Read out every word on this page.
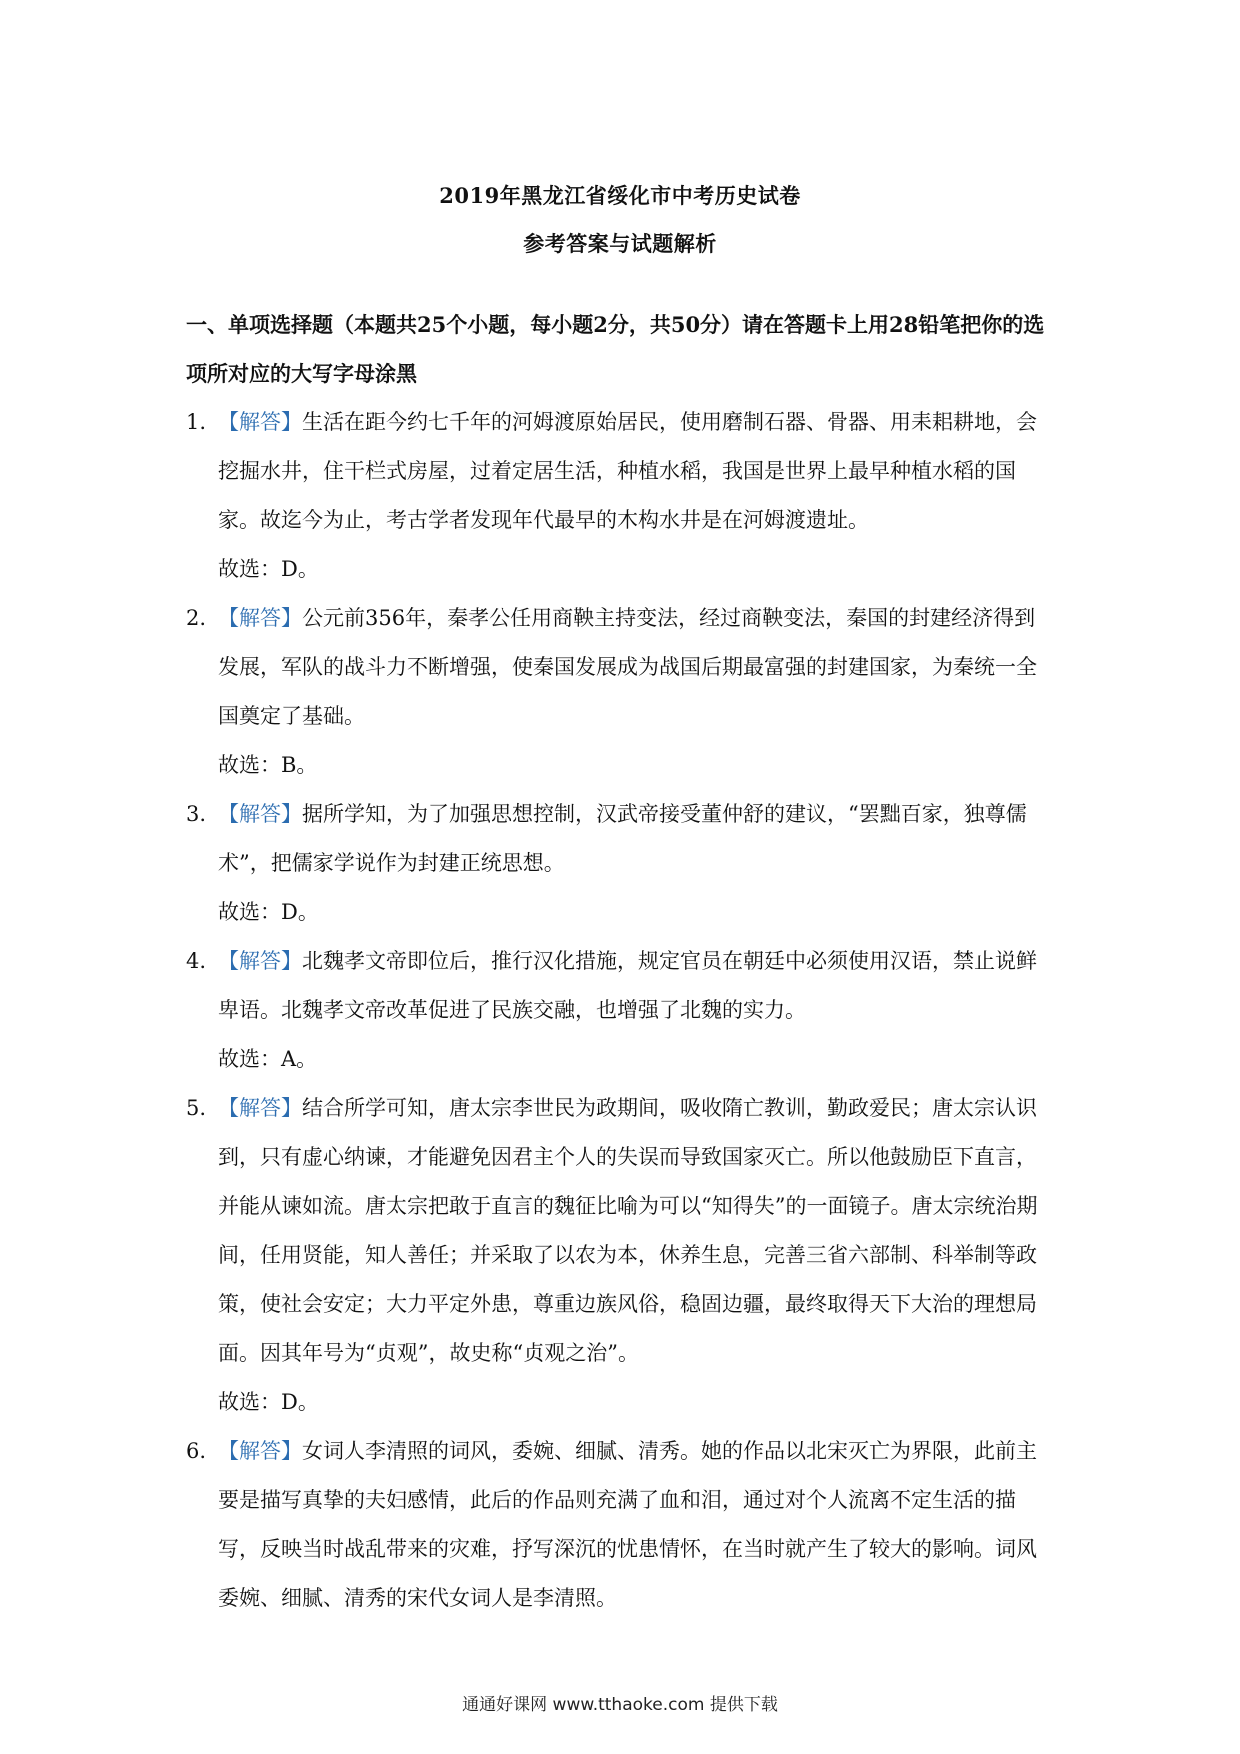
2019年黑龙江省绥化市中考历史试卷
参考答案与试题解析
一、单项选择题（本题共25个小题，每小题2分，共50分）请在答题卡上用28铅笔把你的选项所对应的大写字母涂黑
1. 【解答】生活在距今约七千年的河姆渡原始居民，使用磨制石器、骨器、用耒耜耕地，会挖掘水井，住干栏式房屋，过着定居生活，种植水稻，我国是世界上最早种植水稻的国家。故迄今为止，考古学者发现年代最早的木构水井是在河姆渡遗址。
故选：D。
2. 【解答】公元前356年，秦孝公任用商鞅主持变法，经过商鞅变法，秦国的封建经济得到发展，军队的战斗力不断增强，使秦国发展成为战国后期最富强的封建国家，为秦统一全国奠定了基础。
故选：B。
3. 【解答】据所学知，为了加强思想控制，汉武帝接受董仲舒的建议，“罢黜百家，独尊儒术”，把儒家学说作为封建正统思想。
故选：D。
4. 【解答】北魏孝文帝即位后，推行汉化措施，规定官员在朝廷中必须使用汉语，禁止说鲜卑语。北魏孝文帝改革促进了民族交融，也增强了北魏的实力。
故选：A。
5. 【解答】结合所学可知，唐太宗李世民为政期间，吸收隋亡教训，勤政爱民；唐太宗认识到，只有虚心纳谏，才能避免因君主个人的失误而导致国家灭亡。所以他鼓励臣下直言，并能从谏如流。唐太宗把敢于直言的魏征比喻为可以“知得失”的一面镜子。唐太宗统治期间，任用贤能，知人善任；并采取了以农为本，休养生息，完善三省六部制、科举制等政策，使社会安定；大力平定外患，尊重边族风俗，稳固边疆，最终取得天下大治的理想局面。因其年号为“贞观”，故史称“贞观之治”。
故选：D。
6. 【解答】女词人李清照的词风，委婉、细腻、清秀。她的作品以北宋灭亡为界限，此前主要是描写真挚的夫妇感情，此后的作品则充满了血和泪，通过对个人流离不定生活的描写，反映当时战乱带来的灾难，抒写深沉的忧患情怀，在当时就产生了较大的影响。词风委婉、细腻、清秀的宋代女词人是李清照。
通通好课网 www.tthaoke.com 提供下载
